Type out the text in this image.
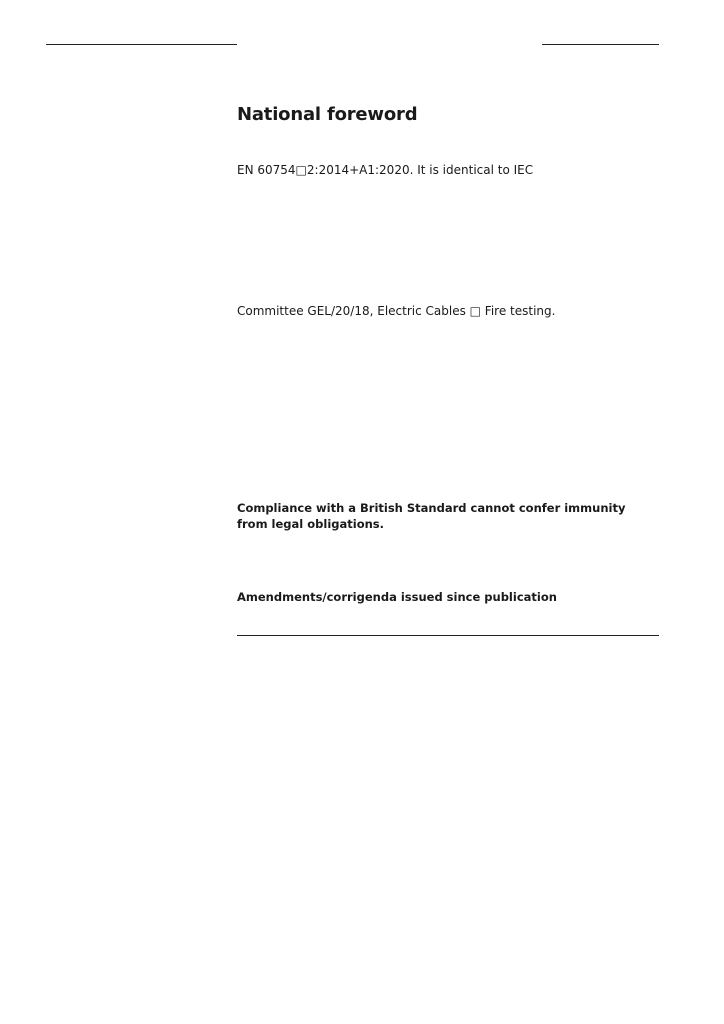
National foreword

EN 60754□2:2014+A1:2020. It is identical to IEC

Committee GEL/20/18, Electric Cables □ Fire testing.

Compliance with a British Standard cannot confer immunity from legal obligations.

Amendments/corrigenda issued since publication
